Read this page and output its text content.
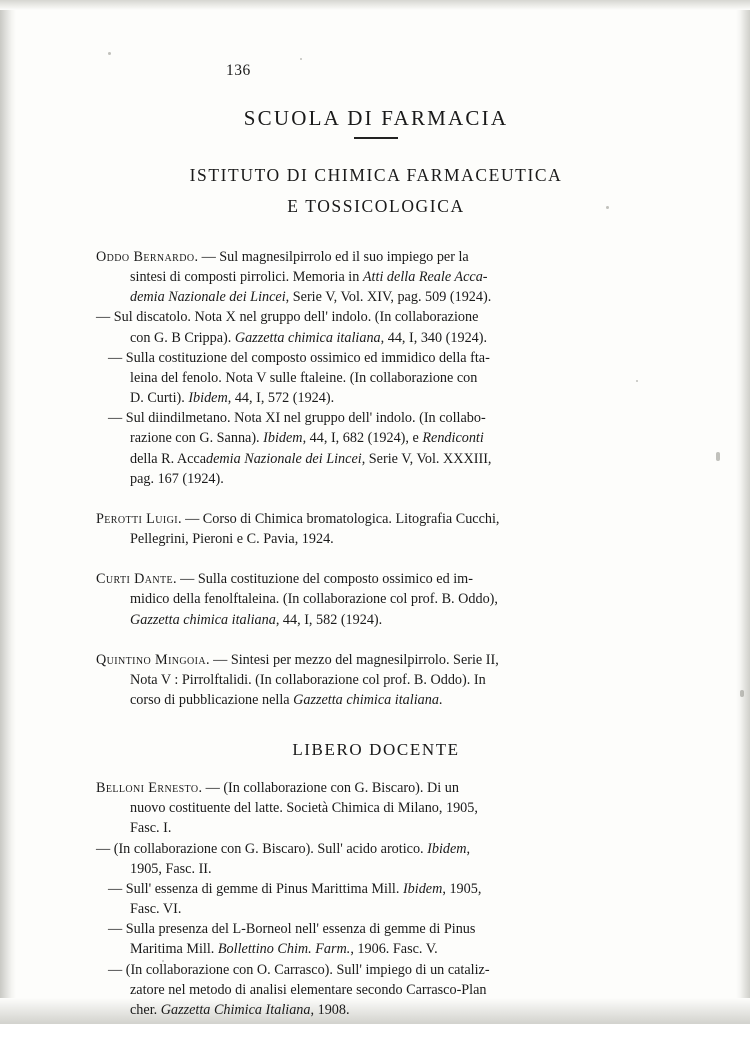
136
SCUOLA DI FARMACIA
ISTITUTO DI CHIMICA FARMACEUTICA
E TOSSICOLOGICA
Oddo Bernardo. — Sul magnesilpirrolo ed il suo impiego per la
sintesi di composti pirrolici. Memoria in Atti della Reale Acca-
demia Nazionale dei Lincei, Serie V, Vol. XIV, pag. 509 (1924).
— Sul discatolo. Nota X nel gruppo dell' indolo. (In collaborazione
con G. B Crippa). Gazzetta chimica italiana, 44, I, 340 (1924).
— Sulla costituzione del composto ossimico ed immidico della fta-
leina del fenolo. Nota V sulle ftaleine. (In collaborazione con
D. Curti). Ibidem, 44, I, 572 (1924).
— Sul diindilmetano. Nota XI nel gruppo dell' indolo. (In collabo-
razione con G. Sanna). Ibidem, 44, I, 682 (1924), e Rendiconti
della R. Accademia Nazionale dei Lincei, Serie V, Vol. XXXIII,
pag. 167 (1924).
Perotti Luigi. — Corso di Chimica bromatologica. Litografia Cucchi,
Pellegrini, Pieroni e C. Pavia, 1924.
Curti Dante. — Sulla costituzione del composto ossimico ed im-
midico della fenolftaleina. (In collaborazione col prof. B. Oddo),
Gazzetta chimica italiana, 44, I, 582 (1924).
Quintino Mingoia. — Sintesi per mezzo del magnesilpirrolo. Serie II,
Nota V : Pirrolftalidi. (In collaborazione col prof. B. Oddo). In
corso di pubblicazione nella Gazzetta chimica italiana.
LIBERO DOCENTE
Belloni Ernesto. — (In collaborazione con G. Biscaro). Di un
nuovo costituente del latte. Società Chimica di Milano, 1905,
Fasc. I.
— (In collaborazione con G. Biscaro). Sull' acido arotico. Ibidem,
1905, Fasc. II.
— Sull' essenza di gemme di Pinus Marittima Mill. Ibidem, 1905,
Fasc. VI.
— Sulla presenza del L-Borneol nell' essenza di gemme di Pinus
Maritima Mill. Bollettino Chim. Farm., 1906. Fasc. V.
— (In collaborazione con O. Carrasco). Sull' impiego di un cataliz-
zatore nel metodo di analisi elementare secondo Carrasco-Plan
cher. Gazzetta Chimica Italiana, 1908.
